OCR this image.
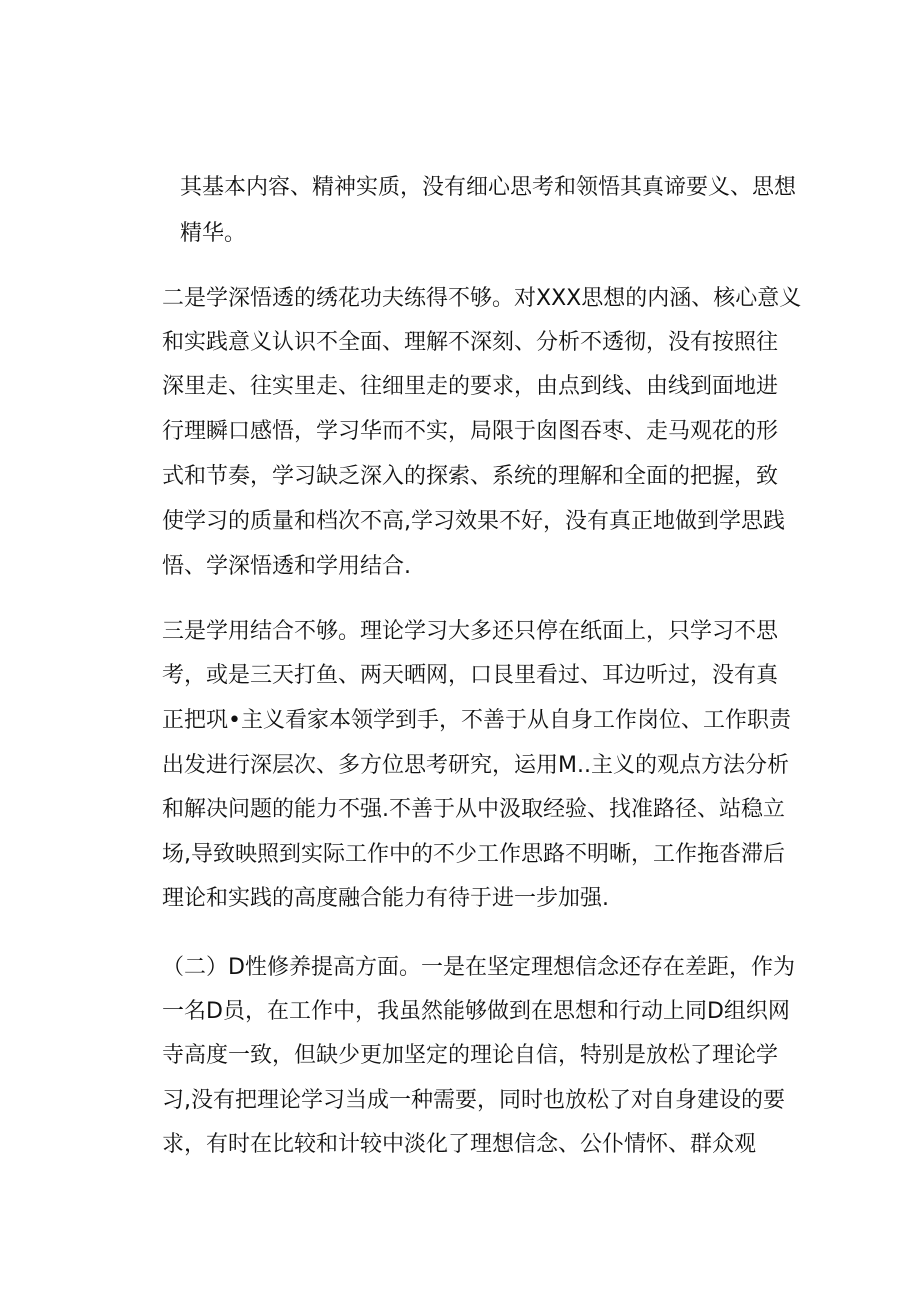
其基本内容、精神实质，没有细心思考和领悟其真谛要义、思想

精华。

二是学深悟透的绣花功夫练得不够。对XXX思想的内涵、核心意义

和实践意义认识不全面、理解不深刻、分析不透彻，没有按照往

深里走、往实里走、往细里走的要求，由点到线、由线到面地进

行理瞬口感悟，学习华而不实，局限于囱图吞枣、走马观花的形

式和节奏，学习缺乏深入的探索、系统的理解和全面的把握，致

使学习的质量和档次不高,学习效果不好，没有真正地做到学思践

悟、学深悟透和学用结合.

三是学用结合不够。理论学习大多还只停在纸面上，只学习不思

考，或是三天打鱼、两天晒网，口艮里看过、耳边听过，没有真

正把巩•主义看家本领学到手，不善于从自身工作岗位、工作职责

出发进行深层次、多方位思考研究，运用M..主义的观点方法分析

和解决问题的能力不强.不善于从中汲取经验、找准路径、站稳立

场,导致映照到实际工作中的不少工作思路不明晰，工作拖沓滞后

理论和实践的高度融合能力有待于进一步加强.

（二）D性修养提高方面。一是在坚定理想信念还存在差距，作为

一名D员，在工作中，我虽然能够做到在思想和行动上同D组织网

寺高度一致，但缺少更加坚定的理论自信，特别是放松了理论学

习,没有把理论学习当成一种需要，同时也放松了对自身建设的要

求，有时在比较和计较中淡化了理想信念、公仆情怀、群众观
